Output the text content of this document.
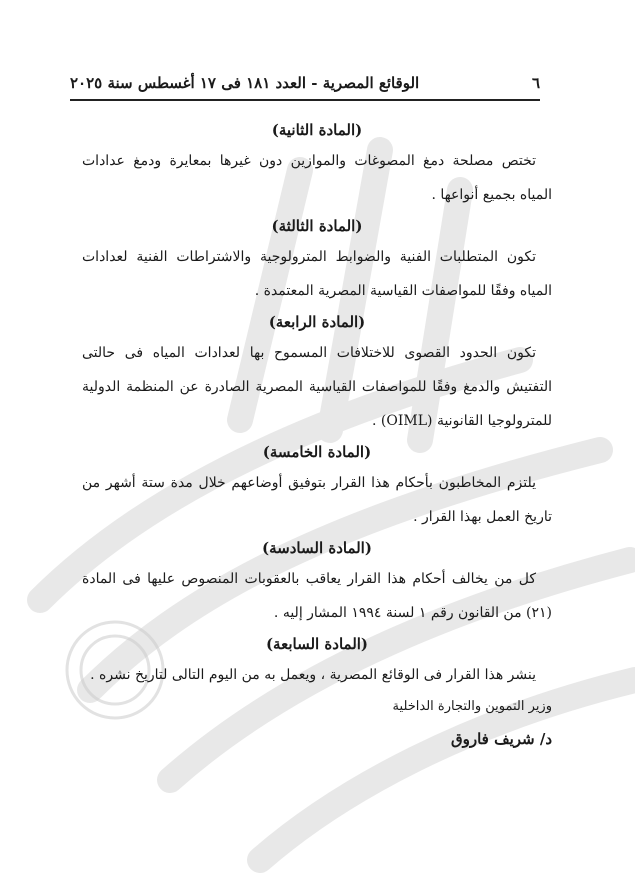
٦
الوقائع المصرية - العدد ١٨١ فى ١٧ أغسطس سنة ٢٠٢٥

(المادة الثانية)

تختص مصلحة دمغ المصوغات والموازين دون غيرها بمعايرة ودمغ عدادات المياه بجميع أنواعها .

(المادة الثالثة)

تكون المتطلبات الفنية والضوابط المترولوجية والاشتراطات الفنية لعدادات المياه وفقًا للمواصفات القياسية المصرية المعتمدة .

(المادة الرابعة)

تكون الحدود القصوى للاختلافات المسموح بها لعدادات المياه فى حالتى التفتيش والدمغ وفقًا للمواصفات القياسية المصرية الصادرة عن المنظمة الدولية للمترولوجيا القانونية (OIML) .

(المادة الخامسة)

يلتزم المخاطبون بأحكام هذا القرار بتوفيق أوضاعهم خلال مدة ستة أشهر من تاريخ العمل بهذا القرار .

(المادة السادسة)

كل من يخالف أحكام هذا القرار يعاقب بالعقوبات المنصوص عليها فى المادة (٢١) من القانون رقم ١ لسنة ١٩٩٤ المشار إليه .

(المادة السابعة)

ينشر هذا القرار فى الوقائع المصرية ، ويعمل به من اليوم التالى لتاريخ نشره .

وزير التموين والتجارة الداخلية

د/ شريف فاروق
